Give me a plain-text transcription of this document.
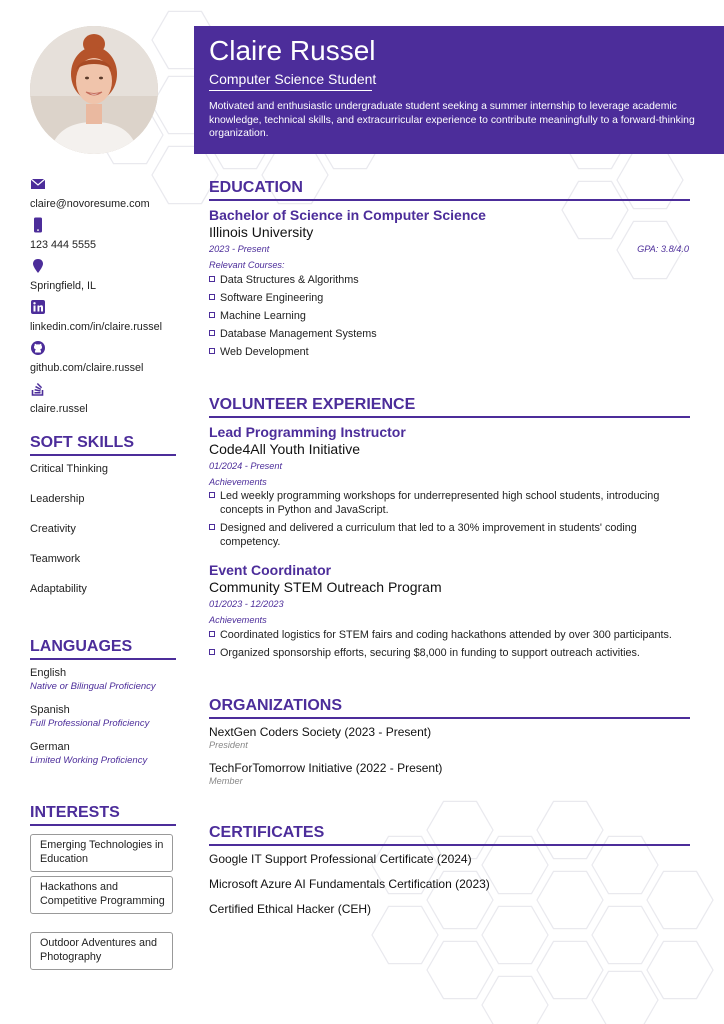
Claire Russel
Computer Science Student
Motivated and enthusiastic undergraduate student seeking a summer internship to leverage academic knowledge, technical skills, and extracurricular experience to contribute meaningfully to a forward-thinking organization.
claire@novoresume.com
123 444 5555
Springfield, IL
linkedin.com/in/claire.russel
github.com/claire.russel
claire.russel
SOFT SKILLS
Critical Thinking
Leadership
Creativity
Teamwork
Adaptability
LANGUAGES
English
Native or Bilingual Proficiency
Spanish
Full Professional Proficiency
German
Limited Working Proficiency
INTERESTS
Emerging Technologies in Education
Hackathons and Competitive Programming
Outdoor Adventures and Photography
EDUCATION
Bachelor of Science in Computer Science
Illinois University
2023 - Present	GPA: 3.8/4.0
Relevant Courses:
Data Structures & Algorithms
Software Engineering
Machine Learning
Database Management Systems
Web Development
VOLUNTEER EXPERIENCE
Lead Programming Instructor
Code4All Youth Initiative
01/2024 - Present
Achievements
Led weekly programming workshops for underrepresented high school students, introducing concepts in Python and JavaScript.
Designed and delivered a curriculum that led to a 30% improvement in students' coding competency.
Event Coordinator
Community STEM Outreach Program
01/2023 - 12/2023
Achievements
Coordinated logistics for STEM fairs and coding hackathons attended by over 300 participants.
Organized sponsorship efforts, securing $8,000 in funding to support outreach activities.
ORGANIZATIONS
NextGen Coders Society (2023 - Present)
President
TechForTomorrow Initiative (2022 - Present)
Member
CERTIFICATES
Google IT Support Professional Certificate (2024)
Microsoft Azure AI Fundamentals Certification (2023)
Certified Ethical Hacker (CEH)
